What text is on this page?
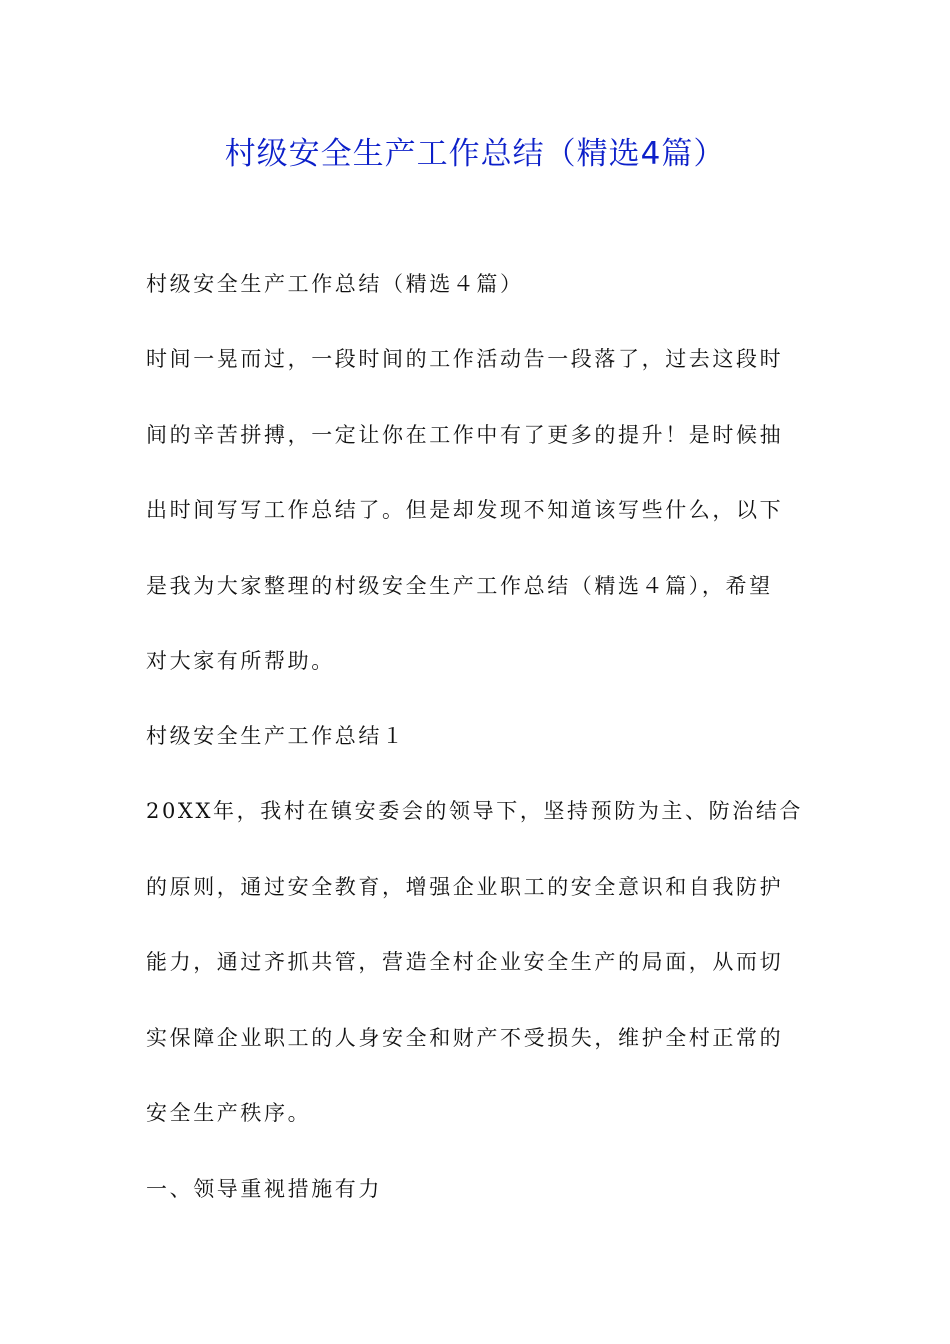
村级安全生产工作总结（精选4篇）
村级安全生产工作总结（精选４篇）
时间一晃而过，一段时间的工作活动告一段落了，过去这段时
间的辛苦拼搏，一定让你在工作中有了更多的提升！是时候抽
出时间写写工作总结了。但是却发现不知道该写些什么，以下
是我为大家整理的村级安全生产工作总结（精选４篇），希望
对大家有所帮助。
村级安全生产工作总结１
20XX年，我村在镇安委会的领导下，坚持预防为主、防治结合
的原则，通过安全教育，增强企业职工的安全意识和自我防护
能力，通过齐抓共管，营造全村企业安全生产的局面，从而切
实保障企业职工的人身安全和财产不受损失，维护全村正常的
安全生产秩序。
一、领导重视措施有力
